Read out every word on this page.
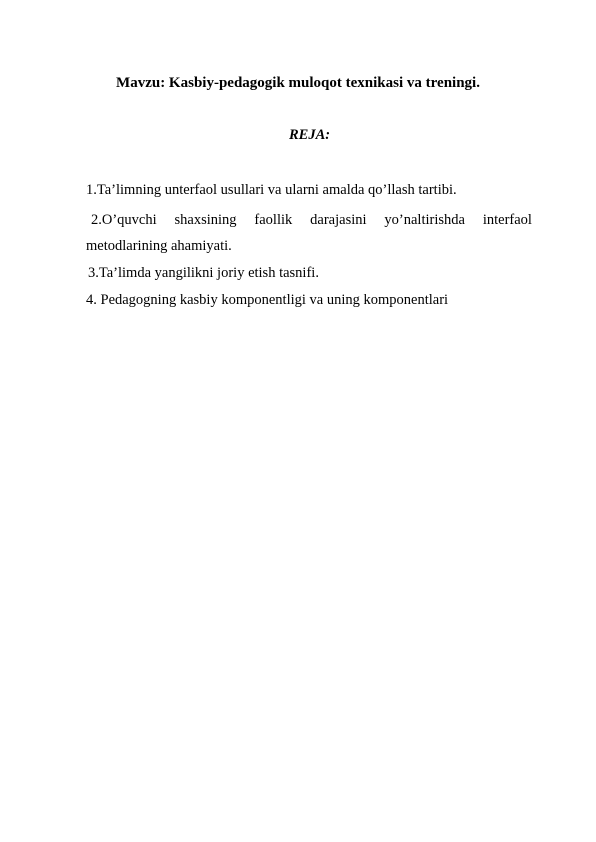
Mavzu: Kasbiy-pedagogik muloqot texnikasi va treningi.
REJA:
1.Ta’limning unterfaol usullari va ularni amalda qo’llash tartibi.
2.O’quvchi shaxsining faollik darajasini yo’naltirishda interfaol
metodlarining ahamiyati.
3.Ta’limda yangilikni joriy etish tasnifi.
4. Pedagogning kasbiy komponentligi va uning komponentlari
